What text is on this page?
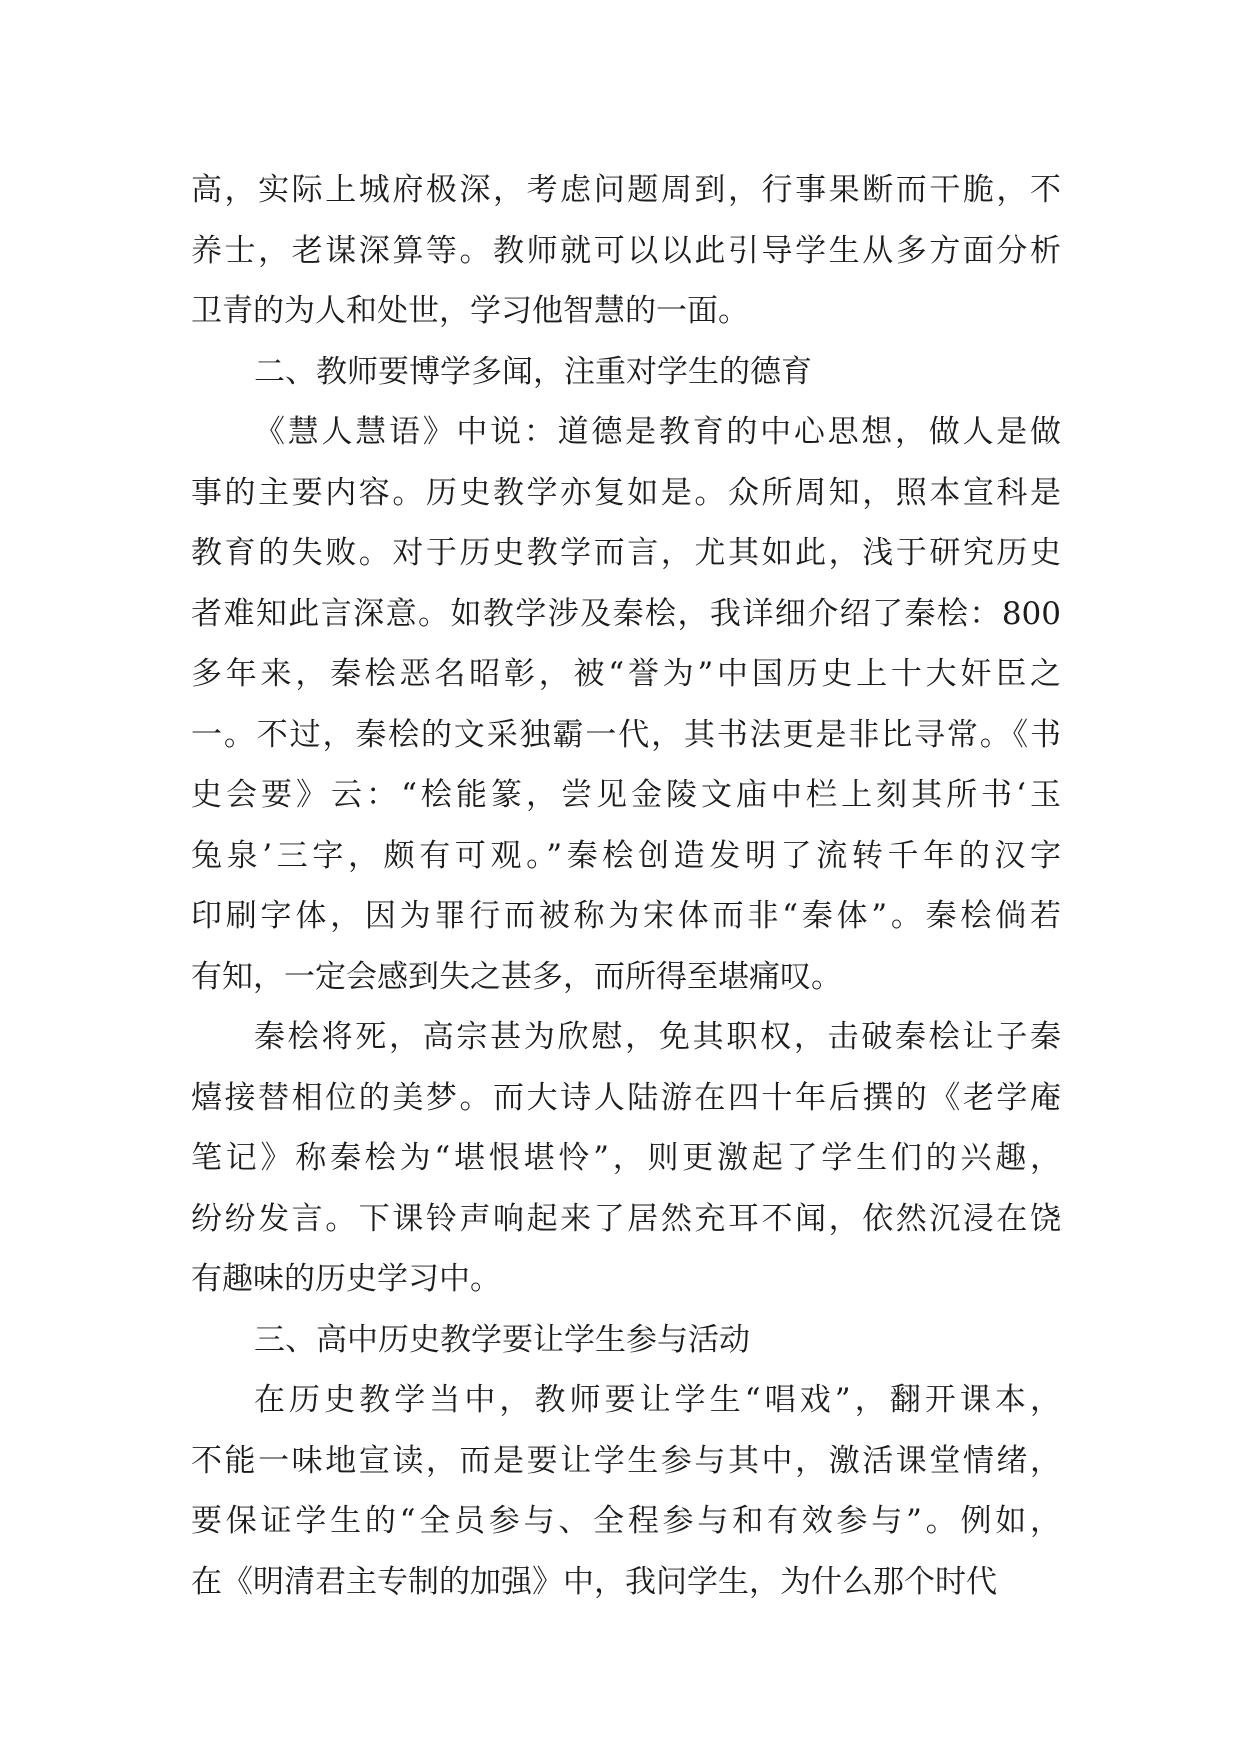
高，实际上城府极深，考虑问题周到，行事果断而干脆，不
养士，老谋深算等。教师就可以以此引导学生从多方面分析
卫青的为人和处世，学习他智慧的一面。
二、教师要博学多闻，注重对学生的德育
《慧人慧语》中说：道德是教育的中心思想，做人是做
事的主要内容。历史教学亦复如是。众所周知，照本宣科是
教育的失败。对于历史教学而言，尤其如此，浅于研究历史
者难知此言深意。如教学涉及秦桧，我详细介绍了秦桧：800
多年来，秦桧恶名昭彰，被“誉为”中国历史上十大奸臣之
一。不过，秦桧的文采独霸一代，其书法更是非比寻常。《书
史会要》云：“桧能篆，尝见金陵文庙中栏上刻其所书‘玉
兔泉’三字，颇有可观。”秦桧创造发明了流转千年的汉字
印刷字体，因为罪行而被称为宋体而非“秦体”。秦桧倘若
有知，一定会感到失之甚多，而所得至堪痛叹。
秦桧将死，高宗甚为欣慰，免其职权，击破秦桧让子秦
熺接替相位的美梦。而大诗人陆游在四十年后撰的《老学庵
笔记》称秦桧为“堪恨堪怜”，则更激起了学生们的兴趣，
纷纷发言。下课铃声响起来了居然充耳不闻，依然沉浸在饶
有趣味的历史学习中。
三、高中历史教学要让学生参与活动
在历史教学当中，教师要让学生“唱戏”，翻开课本，
不能一味地宣读，而是要让学生参与其中，激活课堂情绪，
要保证学生的“全员参与、全程参与和有效参与”。例如，
在《明清君主专制的加强》中，我问学生，为什么那个时代
